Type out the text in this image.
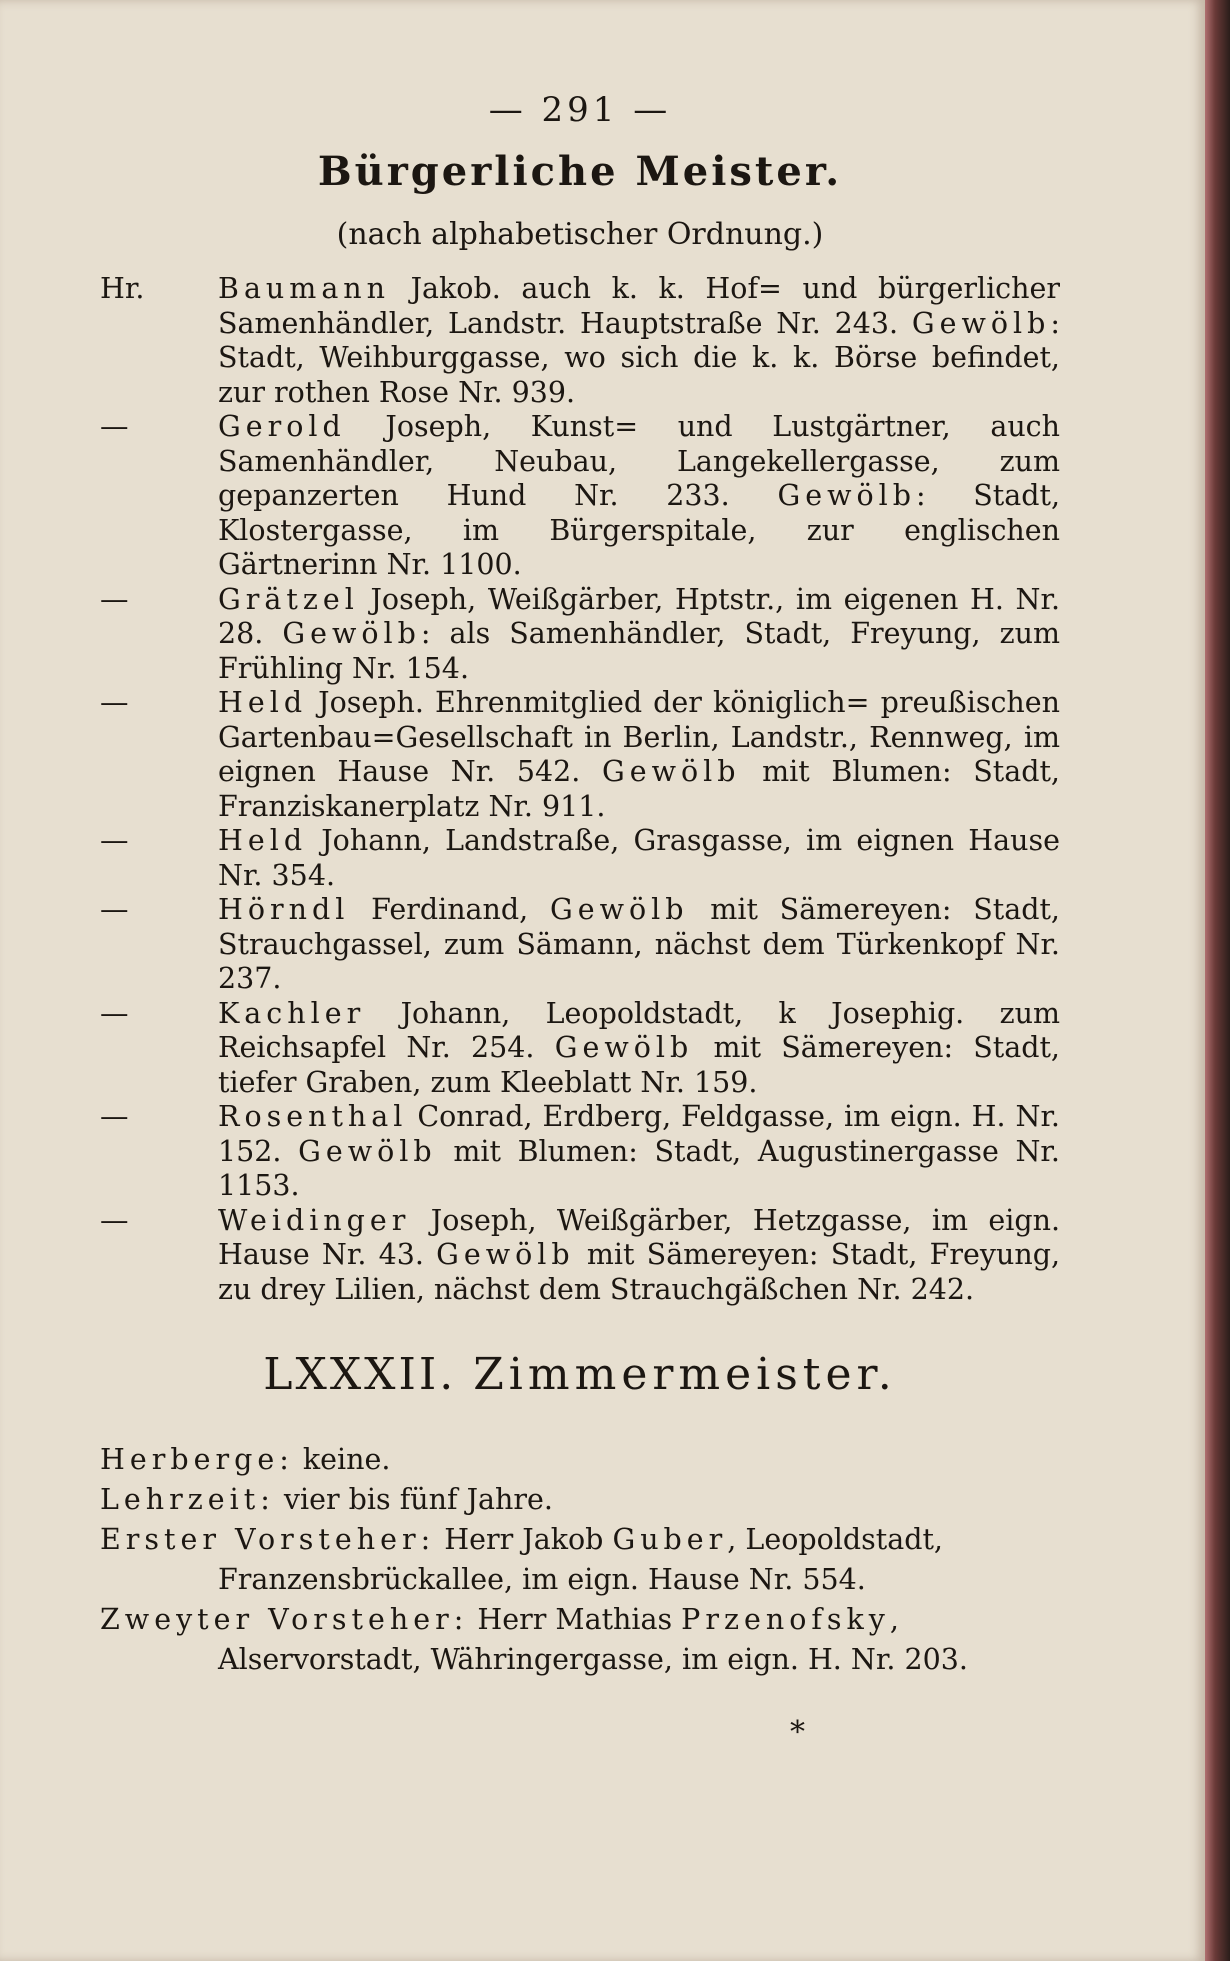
— 291 —
Bürgerliche Meister.
(nach alphabetischer Ordnung.)

Hr.	Baumann Jakob. auch k. k. Hof= und bürgerlicher Samenhändler, Landstr. Hauptstraße Nr. 243. Gewölb: Stadt, Weihburggasse, wo sich die k. k. Börse befindet, zur rothen Rose Nr. 939.

—	Gerold Joseph, Kunst= und Lustgärtner, auch Samenhändler, Neubau, Langekellergasse, zum gepanzerten Hund Nr. 233. Gewölb: Stadt, Klostergasse, im Bürgerspitale, zur englischen Gärtnerinn Nr. 1100.

—	Grätzel Joseph, Weißgärber, Hptstr., im eigenen H. Nr. 28. Gewölb: als Samenhändler, Stadt, Freyung, zum Frühling Nr. 154.

—	Held Joseph. Ehrenmitglied der königlich= preußischen Gartenbau=Gesellschaft in Berlin, Landstr., Rennweg, im eignen Hause Nr. 542. Gewölb mit Blumen: Stadt, Franziskanerplatz Nr. 911.

—	Held Johann, Landstraße, Grasgasse, im eignen Hause Nr. 354.

—	Hörndl Ferdinand, Gewölb mit Sämereyen: Stadt, Strauchgassel, zum Sämann, nächst dem Türkenkopf Nr. 237.

—	Kachler Johann, Leopoldstadt, k Josephig. zum Reichsapfel Nr. 254. Gewölb mit Sämereyen: Stadt, tiefer Graben, zum Kleeblatt Nr. 159.

—	Rosenthal Conrad, Erdberg, Feldgasse, im eign. H. Nr. 152. Gewölb mit Blumen: Stadt, Augustinergasse Nr. 1153.

—	Weidinger Joseph, Weißgärber, Hetzgasse, im eign. Hause Nr. 43. Gewölb mit Sämereyen: Stadt, Freyung, zu drey Lilien, nächst dem Strauchgäßchen Nr. 242.

LXXXII. Zimmermeister.

Herberge: keine.

Lehrzeit: vier bis fünf Jahre.

Erster Vorsteher: Herr Jakob Guber, Leopoldstadt, Franzensbrückallee, im eign. Hause Nr. 554.

Zweyter Vorsteher: Herr Mathias Przenofsky, Alservorstadt, Währingergasse, im eign. H. Nr. 203.

*
